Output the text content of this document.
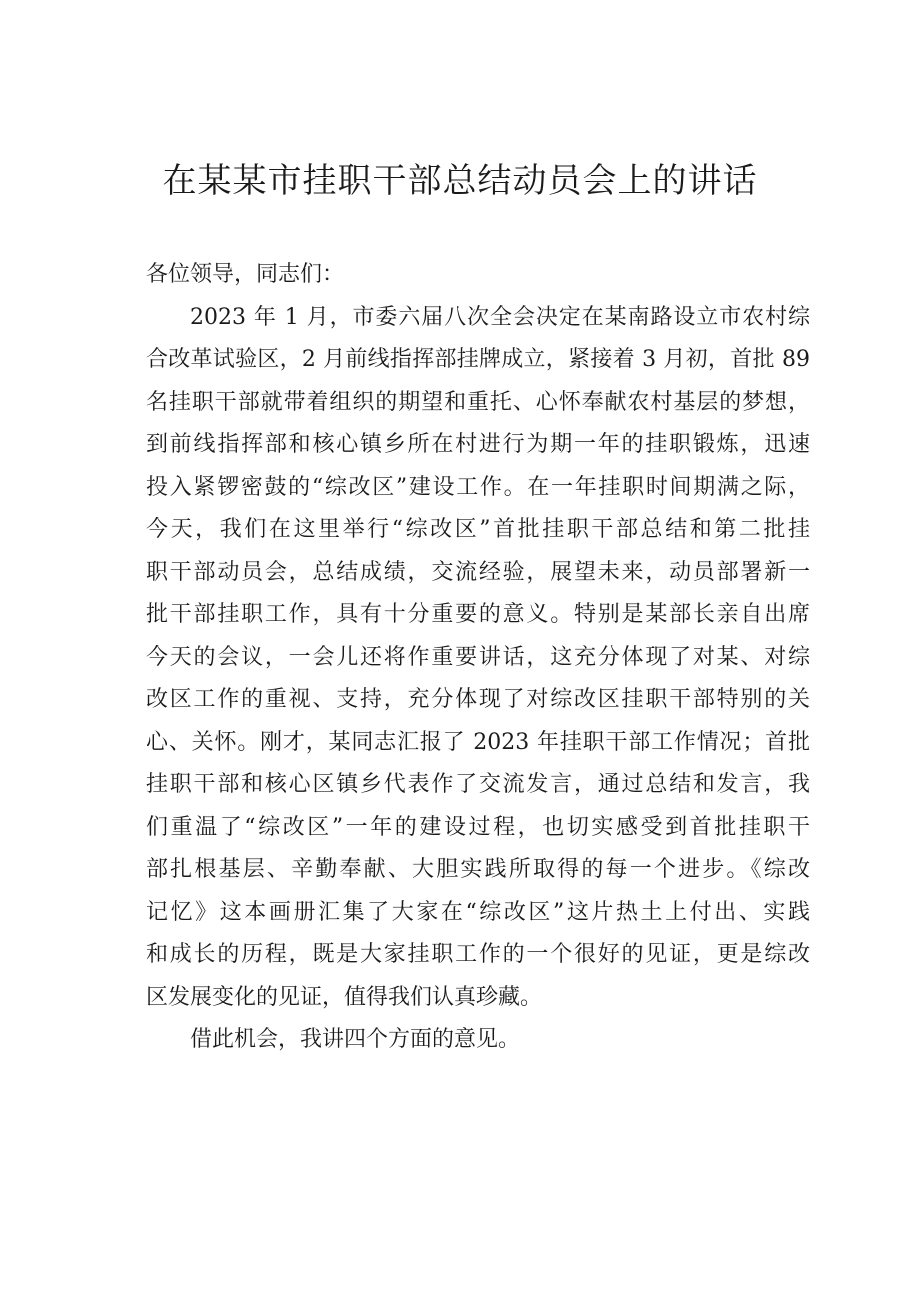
在某某市挂职干部总结动员会上的讲话
各位领导，同志们：
2023 年 1 月，市委六届八次全会决定在某南路设立市农村综
合改革试验区，2 月前线指挥部挂牌成立，紧接着 3 月初，首批 89
名挂职干部就带着组织的期望和重托、心怀奉献农村基层的梦想，
到前线指挥部和核心镇乡所在村进行为期一年的挂职锻炼，迅速
投入紧锣密鼓的“综改区”建设工作。在一年挂职时间期满之际，
今天，我们在这里举行“综改区”首批挂职干部总结和第二批挂
职干部动员会，总结成绩，交流经验，展望未来，动员部署新一
批干部挂职工作，具有十分重要的意义。特别是某部长亲自出席
今天的会议，一会儿还将作重要讲话，这充分体现了对某、对综
改区工作的重视、支持，充分体现了对综改区挂职干部特别的关
心、关怀。刚才，某同志汇报了 2023 年挂职干部工作情况；首批
挂职干部和核心区镇乡代表作了交流发言，通过总结和发言，我
们重温了“综改区”一年的建设过程，也切实感受到首批挂职干
部扎根基层、辛勤奉献、大胆实践所取得的每一个进步。《综改
记忆》这本画册汇集了大家在“综改区”这片热土上付出、实践
和成长的历程，既是大家挂职工作的一个很好的见证，更是综改
区发展变化的见证，值得我们认真珍藏。
借此机会，我讲四个方面的意见。
